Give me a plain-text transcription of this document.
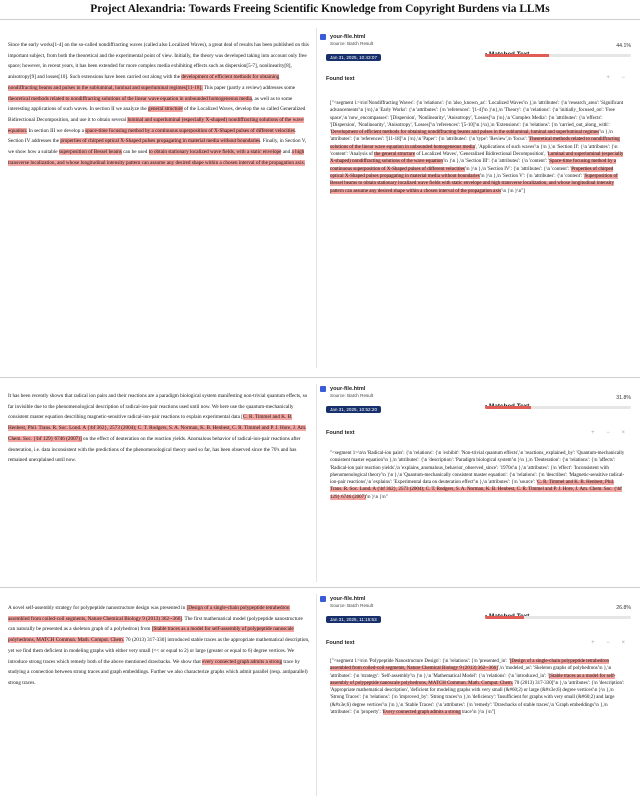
Project Alexandria: Towards Freeing Scientific Knowledge from Copyright Burdens via LLMs
Since the early works[1-4] on the so-called nondiffracting waves (called also Localized Waves), a great deal of results has been published on this important subject, from both the theoretical and the experimental point of view. Initially, the theory was developed taking into account only free space; however, in recent years, it has been extended for more complex media exhibiting effects such as dispersion[5-7], nonlinearity[8], anisotropy[9] and losses[10]. Such extensions have been carried out along with the development of efficient methods for obtaining nondiffracting beams and pulses in the subluminal, luminal and superluminal regimes[11-18]. This paper (partly a review) addresses some theoretical methods related to nondiffracting solutions of the linear wave equation in unbounded homogeneous media, as well as to some interesting applications of such waves. In section II we analyze the general structure of the Localized Waves, develop the so called Generalized Bidirectional Decomposition, and use it to obtain several luminal and superluminal (especially X-shaped) nondiffracting solutions of the wave equation. In section III we develop a space-time focusing method by a continuous superposition of X-Shaped pulses of different velocities. Section IV addresses the properties of chirped optical X-Shaped pulses propagating in material media without boundaries. Finally, in Section V, we show how a suitable superposition of Bessel beams can be used to obtain stationary localized wave fields, with a static envelope and a high transverse localization, and whose longitudinal intensity pattern can assume any desired shape within a chosen interval of the propagation axis.
your-file.html
Source: Batch Result
Jan 31, 2025, 10:43:07
44.1%
Found text	+ −
["<segment 1>\n\n'Nondiffracting Waves': {\n 'relations': {\n 'also_known_as': 'Localized Waves'\n },\n 'attributes': {\n 'research_area': 'Significant advancements'\n }\n},\n 'Early Works': {\n 'attributes': {\n 'references': '[1-4]'\n }\n},\n 'Theory': {\n 'relations': {\n 'initially_focused_on': 'Free space',\n 'now_encompasses': '[Dispersion', 'Nonlinearity', 'Anisotropy', 'Losses]'\n }\n},\n 'Complex Media': {\n 'attributes': {\n 'effects': '[Dispersion', 'Nonlinearity', 'Anisotropy', 'Losses]'\n 'references': '[5-10]'\n }\n},\n 'Extensions': {\n 'relations': {\n 'carried_out_along_with': Development of efficient methods for obtaining nondiffracting beams and pulses in the subluminal, luminal and superluminal regimes'\n },\n 'attributes': {\n 'references': '[11-18]'\n }\n},\n 'Paper': {\n 'attributes': {\n 'type': 'Review',\n 'focus': 'Theoretical methods related to nondiffracting solutions of the linear wave equation in unbounded homogeneous media', 'Applications of such waves'\n }\n },\n 'Section II': {\n 'attributes': {\n 'content': 'Analysis of the general structure of Localized Waves', 'Generalized Bidirectional Decomposition', 'Luminal and superluminal (especially X-shaped) nondiffracting solutions of the wave equation'\n }\n },\n 'Section III': {\n 'attributes': {\n 'content': 'Space-time focusing method by a continuous superposition of X-Shaped pulses of different velocities'\n }\n },\n 'Section IV': {\n 'attributes': {\n 'content': 'Properties of chirped optical X-Shaped pulses propagating in material media without boundaries'\n }\n },\n 'Section V': {\n 'attributes': {\n 'content': 'Superposition of Bessel beams to obtain stationary localized wave fields with static envelope and high transverse localization, and whose longitudinal intensity pattern can assume any desired shape within a chosen interval of the propagation axis'\n }\n }\n"]
It has been recently shown that radical ion pairs and their reactions are a paradigm biological system manifesting non-trivial quantum effects, so far invisible due to the phenomenological description of radical-ion-pair reactions used until now. We here use the quantum-mechanically consistent master equation describing magnetic-sensitive radical-ion-pair reactions to explain experimental data [C. R. Timmel and K. B. Henbest, Phil. Trans. R. Soc. Lond. A {\bf 362}, 2573 (2004); C. T. Rodgers, S. A. Norman, K. B. Henbest, C. R. Timmel and P. J. Hore, J. Am. Chem. Soc. {\bf 129} 6746 (2007)] on the effect of deuteration on the reaction yields. Anomalous behavior of radical-ion-pair reactions after deuteration, i.e. data inconsistent with the predictions of the phenomenological theory used so far, has been observed since the 70's and has remained unexplained until now.
your-file.html
Source: Batch Result
Jan 31, 2025, 10:52:20
31.8%
Found text	+ − ×
"<segment 1>\n\n 'Radical-ion pairs': {\n 'relations': {\n 'exhibit': 'Non-trivial quantum effects',\n 'reactions_explained_by': 'Quantum-mechanically consistent master equation'\n },\n 'attributes': {\n 'description': 'Paradigm biological system'\n }\n },\n 'Deuteration': {\n 'relations': {\n 'affects': 'Radical-ion pair reaction yields',\n 'explains_anomalous_behavior_observed_since': '1970s'\n },\n 'attributes': {\n 'effect': 'Inconsistent with phenomenological theory'\n }\n },\n 'Quantum-mechanically consistent master equation': {\n 'relations': {\n 'describes': 'Magnetic-sensitive radical-ion-pair reactions',\n 'explains': 'Experimental data on deuteration effect'\n },\n 'attributes': {\n 'source': 'C. R. Timmel and K. B. Henbest, Phil. Trans. R. Soc. Lond. A {\bf 362}, 2573 (2004); C. T. Rodgers, S. A. Norman, K. B. Henbest, C. R. Timmel and P. J. Hore, J. Am. Chem. Soc. {\bf 129} 6746 (2007)'\n }\n }\n"
A novel self-assembly strategy for polypeptide nanostructure design was presented in [Design of a single-chain polypeptide tetrahedron assembled from coiled-coil segments, Nature Chemical Biology 9 (2013) 362--366]. The first mathematical model (polypeptide nanostructure can naturally be presented as a skeleton graph of a polyhedron) from [Stable traces as a model for self-assembly of polypeptide nanoscale polyhedrons, MATCH Commun. Math. Comput. Chem. 70 (2013) 317-330] introduced stable traces as the appropriate mathematical description, yet we find them deficient in modeling graphs with either very small (=< or equal to 2) or large (greater or equal to 6) degree vertices. We introduce strong traces which remedy both of the above mentioned drawbacks. We show that every connected graph admits a strong trace by studying a connection between strong traces and graph embeddings. Further we also characterize graphs which admit parallel (resp. antiparallel) strong traces.
your-file.html
Source: Batch Result
Jan 31, 2025, 11:15:53
26.8%
Found text	+ − ×
["<segment 1>\n\n 'Polypeptide Nanostructure Design': {\n 'relations': {\n 'presented_in': '[Design of a single-chain polypeptide tetrahedron assembled from coiled-coil segments, Nature Chemical Biology 9 (2013) 362--366]',\n 'modeled_as': 'Skeleton graphs of polyhedrons'\n },\n 'attributes': {\n 'strategy': 'Self-assembly'\n }\n },\n 'Mathematical Model': {\n 'relations': {\n 'introduced_in': '[Stable traces as a model for self-assembly of polypeptide nanoscale polyhedrons, MATCH Commun. Math. Comput. Chem. 70 (2013) 317-330]'\n },\n 'attributes': {\n 'description': 'Appropriate mathematical description', 'deficient for modeling graphs with very small (&#60;2) or large (&#x3e;6) degree vertices'\n }\n },\n 'Strong Traces': {\n 'relations': {\n 'improved_by': 'Strong traces'\n },\n 'deficiency': 'Insufficient for graphs with very small (&#60;2) and large (&#x3e;6) degree vertices'\n }\n },\n 'Stable Traces': {\n 'attributes': {\n 'remedy': 'Drawbacks of stable traces',\n 'Graph embeddings'\n },\n 'attributes': {\n 'property': 'Every connected graph admits a strong trace'\n }\n }\n"]
